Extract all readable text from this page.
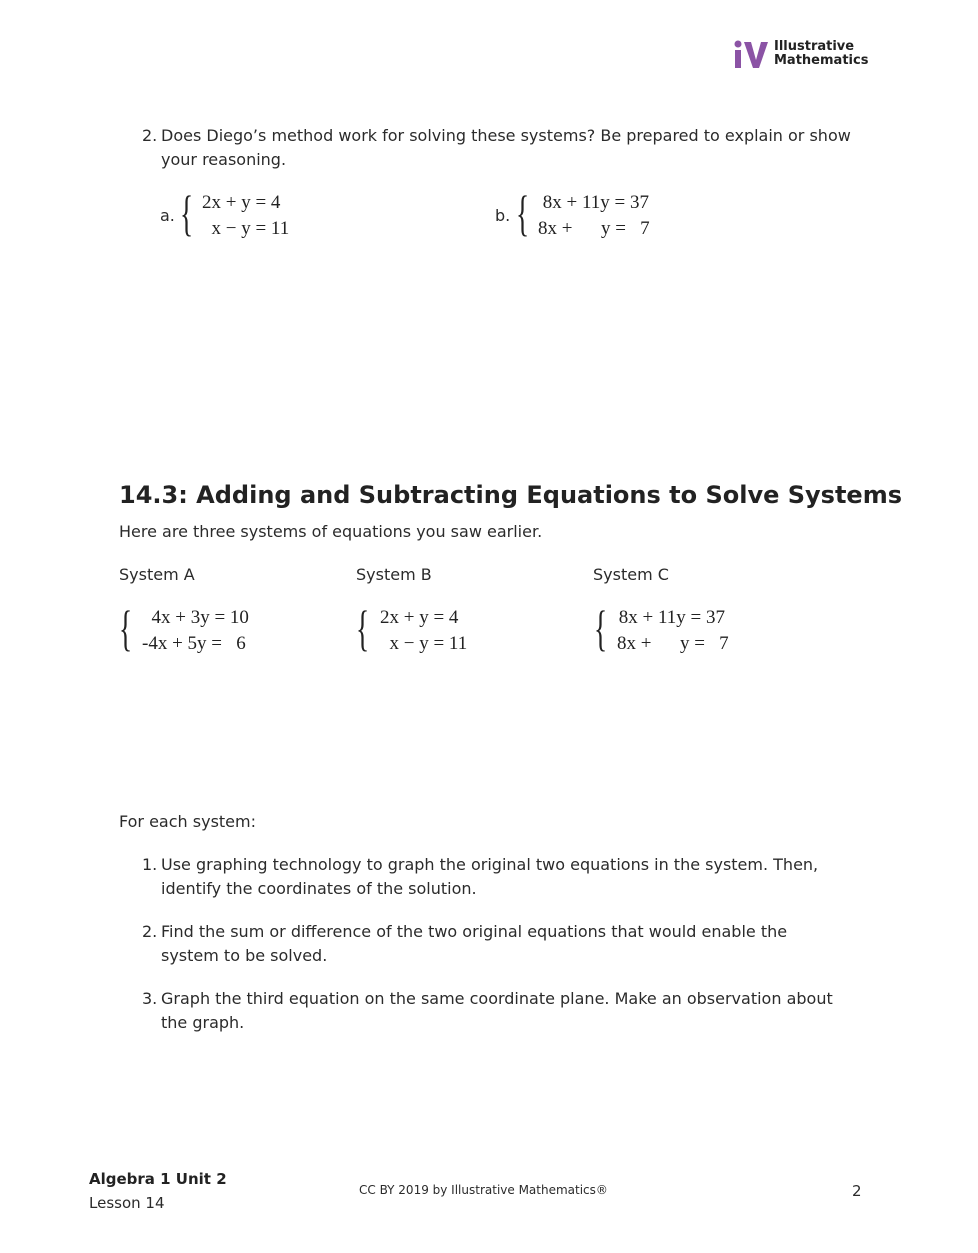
Illustrative
Mathematics
2. Does Diego’s method work for solving these systems? Be prepared to explain or show your reasoning.
a. { 2x + y = 4
x − y = 11
b. { 8x + 11y = 37
8x +      y =   7
14.3: Adding and Subtracting Equations to Solve Systems
Here are three systems of equations you saw earlier.
System A
{ 4x + 3y = 10
-4x + 5y =   6
System B
{ 2x + y = 4
x − y = 11
System C
{ 8x + 11y = 37
8x +      y =   7
For each system:
1. Use graphing technology to graph the original two equations in the system. Then, identify the coordinates of the solution.
2. Find the sum or difference of the two original equations that would enable the system to be solved.
3. Graph the third equation on the same coordinate plane. Make an observation about the graph.
Algebra 1 Unit 2
Lesson 14
CC BY 2019 by Illustrative Mathematics®	2
